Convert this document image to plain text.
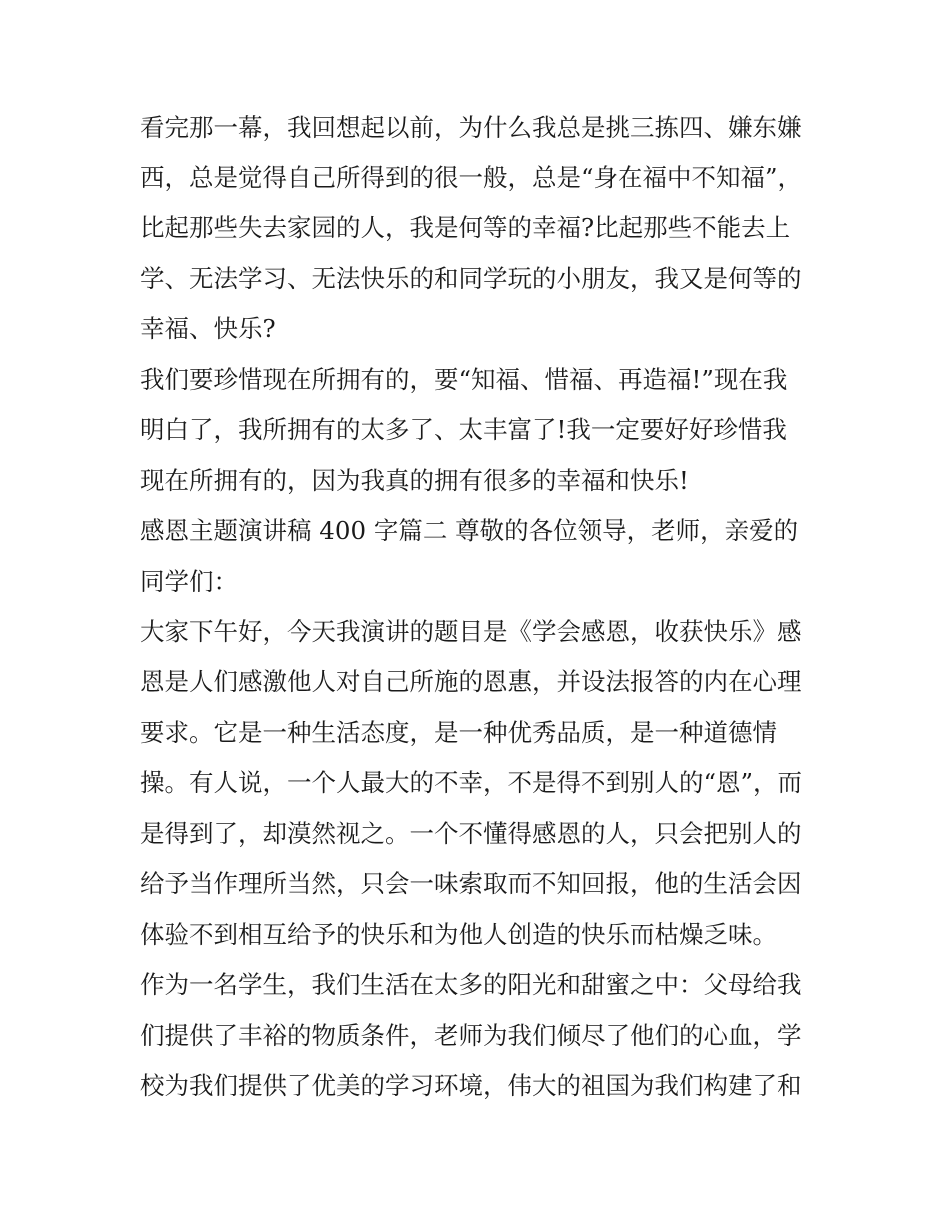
看完那一幕，我回想起以前，为什么我总是挑三拣四、嫌东嫌
西，总是觉得自己所得到的很一般，总是“身在福中不知福”，
比起那些失去家园的人，我是何等的幸福?比起那些不能去上
学、无法学习、无法快乐的和同学玩的小朋友，我又是何等的
幸福、快乐?
我们要珍惜现在所拥有的，要“知福、惜福、再造福!”现在我
明白了，我所拥有的太多了、太丰富了!我一定要好好珍惜我
现在所拥有的，因为我真的拥有很多的幸福和快乐!
感恩主题演讲稿 400 字篇二 尊敬的各位领导，老师，亲爱的
同学们：
大家下午好，今天我演讲的题目是《学会感恩，收获快乐》感
恩是人们感激他人对自己所施的恩惠，并设法报答的内在心理
要求。它是一种生活态度，是一种优秀品质，是一种道德情
操。有人说，一个人最大的不幸，不是得不到别人的“恩”，而
是得到了，却漠然视之。一个不懂得感恩的人，只会把别人的
给予当作理所当然，只会一味索取而不知回报，他的生活会因
体验不到相互给予的快乐和为他人创造的快乐而枯燥乏味。
作为一名学生，我们生活在太多的阳光和甜蜜之中：父母给我
们提供了丰裕的物质条件，老师为我们倾尽了他们的心血，学
校为我们提供了优美的学习环境，伟大的祖国为我们构建了和
